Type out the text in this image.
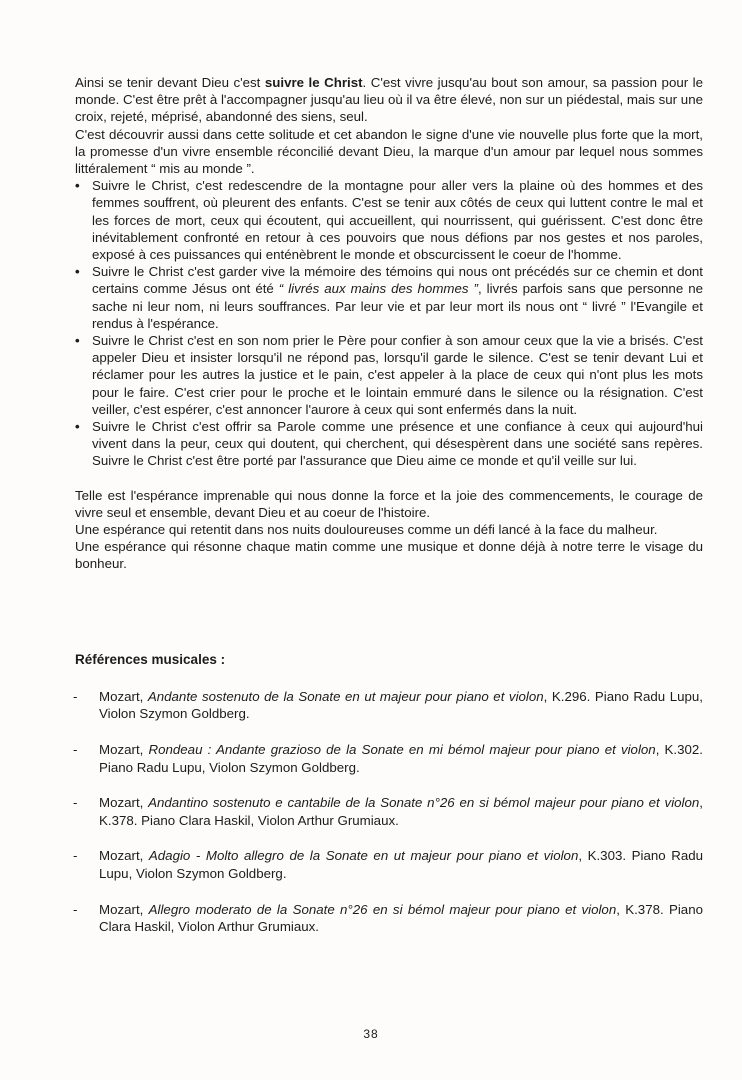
Ainsi se tenir devant Dieu c'est suivre le Christ. C'est vivre jusqu'au bout son amour, sa passion pour le monde. C'est être prêt à l'accompagner jusqu'au lieu où il va être élevé, non sur un piédestal, mais sur une croix, rejeté, méprisé, abandonné des siens, seul.

C'est découvrir aussi dans cette solitude et cet abandon le signe d'une vie nouvelle plus forte que la mort, la promesse d'un vivre ensemble réconcilié devant Dieu, la marque d'un amour par lequel nous sommes littéralement “ mis au monde ”.

• Suivre le Christ, c'est redescendre de la montagne pour aller vers la plaine où des hommes et des femmes souffrent, où pleurent des enfants. C'est se tenir aux côtés de ceux qui luttent contre le mal et les forces de mort, ceux qui écoutent, qui accueillent, qui nourrissent, qui guérissent. C'est donc être inévitablement confronté en retour à ces pouvoirs que nous défions par nos gestes et nos paroles, exposé à ces puissances qui enténèbrent le monde et obscurcissent le coeur de l'homme.
• Suivre le Christ c'est garder vive la mémoire des témoins qui nous ont précédés sur ce chemin et dont certains comme Jésus ont été “ livrés aux mains des hommes ”, livrés parfois sans que personne ne sache ni leur nom, ni leurs souffrances. Par leur vie et par leur mort ils nous ont “ livré ” l'Evangile et rendus à l'espérance.
• Suivre le Christ c'est en son nom prier le Père pour confier à son amour ceux que la vie a brisés. C'est appeler Dieu et insister lorsqu'il ne répond pas, lorsqu'il garde le silence. C'est se tenir devant Lui et réclamer pour les autres la justice et le pain, c'est appeler à la place de ceux qui n'ont plus les mots pour le faire. C'est crier pour le proche et le lointain emmuré dans le silence ou la résignation. C'est veiller, c'est espérer, c'est annoncer l'aurore à ceux qui sont enfermés dans la nuit.
• Suivre le Christ c'est offrir sa Parole comme une présence et une confiance à ceux qui aujourd'hui vivent dans la peur, ceux qui doutent, qui cherchent, qui désespèrent dans une société sans repères. Suivre le Christ c'est être porté par l'assurance que Dieu aime ce monde et qu'il veille sur lui.

Telle est l'espérance imprenable qui nous donne la force et la joie des commencements, le courage de vivre seul et ensemble, devant Dieu et au coeur de l'histoire.

Une espérance qui retentit dans nos nuits douloureuses comme un défi lancé à la face du malheur.

Une espérance qui résonne chaque matin comme une musique et donne déjà à notre terre le visage du bonheur.

Références musicales :

- Mozart, Andante sostenuto de la Sonate en ut majeur pour piano et violon, K.296. Piano Radu Lupu, Violon Szymon Goldberg.
- Mozart, Rondeau : Andante grazioso de la Sonate en mi bémol majeur pour piano et violon, K.302. Piano Radu Lupu, Violon Szymon Goldberg.
- Mozart, Andantino sostenuto e cantabile de la Sonate n°26 en si bémol majeur pour piano et violon, K.378. Piano Clara Haskil, Violon Arthur Grumiaux.
- Mozart, Adagio - Molto allegro de la Sonate en ut majeur pour piano et violon, K.303. Piano Radu Lupu, Violon Szymon Goldberg.
- Mozart, Allegro moderato de la Sonate n°26 en si bémol majeur pour piano et violon, K.378. Piano Clara Haskil, Violon Arthur Grumiaux.
38
